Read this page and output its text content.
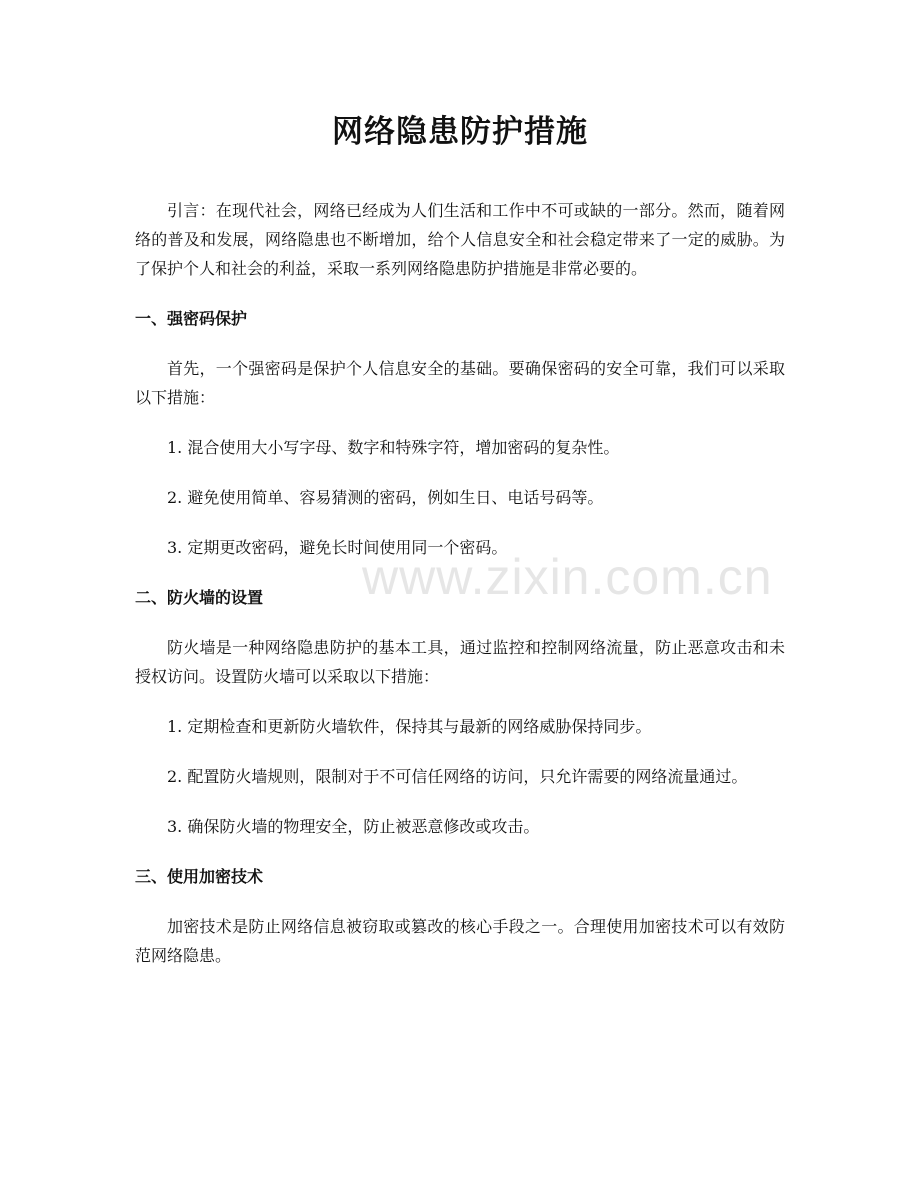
www.zixin.com.cn
网络隐患防护措施

引言：在现代社会，网络已经成为人们生活和工作中不可或缺的一部分。然而，随着网络的普及和发展，网络隐患也不断增加，给个人信息安全和社会稳定带来了一定的威胁。为了保护个人和社会的利益，采取一系列网络隐患防护措施是非常必要的。

一、强密码保护

首先，一个强密码是保护个人信息安全的基础。要确保密码的安全可靠，我们可以采取以下措施：

1. 混合使用大小写字母、数字和特殊字符，增加密码的复杂性。

2. 避免使用简单、容易猜测的密码，例如生日、电话号码等。

3. 定期更改密码，避免长时间使用同一个密码。

二、防火墙的设置

防火墙是一种网络隐患防护的基本工具，通过监控和控制网络流量，防止恶意攻击和未授权访问。设置防火墙可以采取以下措施：

1. 定期检查和更新防火墙软件，保持其与最新的网络威胁保持同步。

2. 配置防火墙规则，限制对于不可信任网络的访问，只允许需要的网络流量通过。

3. 确保防火墙的物理安全，防止被恶意修改或攻击。

三、使用加密技术

加密技术是防止网络信息被窃取或篡改的核心手段之一。合理使用加密技术可以有效防范网络隐患。
